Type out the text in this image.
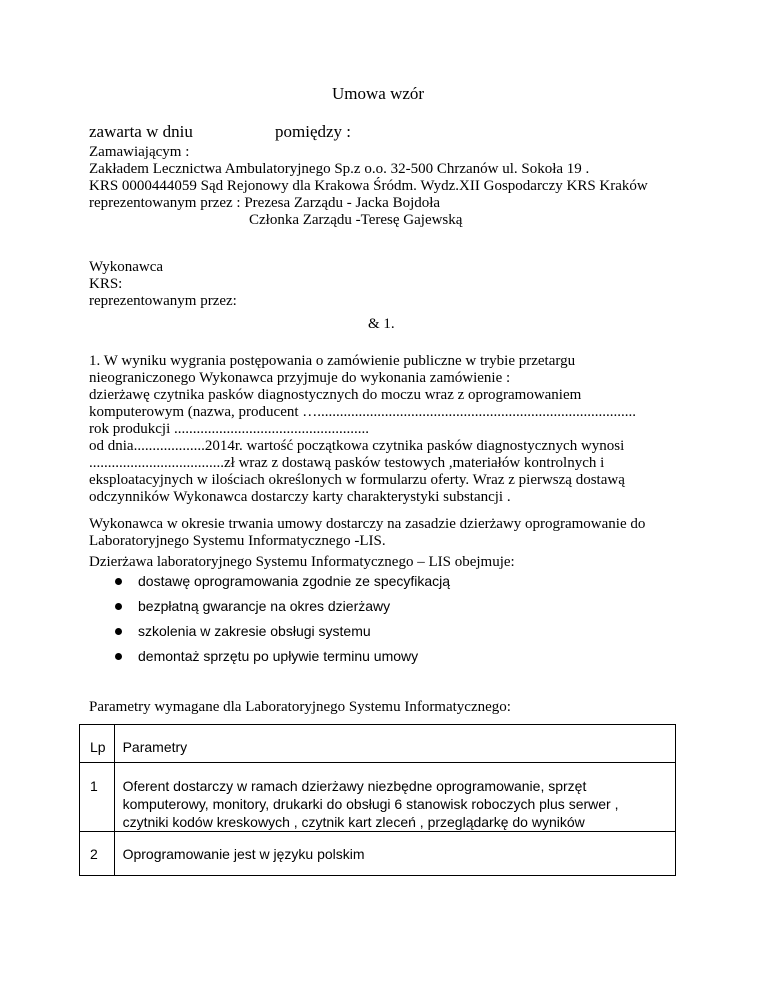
Umowa wzór
zawarta w dniu	pomiędzy :
Zamawiającym :
Zakładem Lecznictwa Ambulatoryjnego Sp.z o.o. 32-500 Chrzanów ul. Sokoła 19 .
KRS 0000444059 Sąd Rejonowy dla Krakowa Śródm. Wydz.XII Gospodarczy KRS Kraków
reprezentowanym przez : Prezesa Zarządu - Jacka Bojdoła
Członka Zarządu -Teresę Gajewską
Wykonawca
KRS:
reprezentowanym przez:
& 1.
1. W wyniku wygrania postępowania o zamówienie publiczne w trybie przetargu
nieograniczonego Wykonawca przyjmuje do wykonania zamówienie :
dzierżawę czytnika pasków diagnostycznych do moczu wraz z oprogramowaniem
komputerowym (nazwa, producent ….....................................................................................
rok produkcji ....................................................
od dnia...................2014r. wartość początkowa czytnika pasków diagnostycznych wynosi
....................................zł wraz z dostawą pasków testowych ,materiałów kontrolnych i
eksploatacyjnych w ilościach określonych w formularzu oferty. Wraz z pierwszą dostawą
odczynników Wykonawca dostarczy karty charakterystyki substancji .
Wykonawca w okresie trwania umowy dostarczy na zasadzie dzierżawy oprogramowanie do
Laboratoryjnego Systemu Informatycznego -LIS.
Dzierżawa laboratoryjnego Systemu Informatycznego – LIS obejmuje:
dostawę oprogramowania zgodnie ze specyfikacją
bezpłatną gwarancje na okres dzierżawy
szkolenia w zakresie obsługi systemu
demontaż sprzętu po upływie terminu umowy
Parametry wymagane dla Laboratoryjnego Systemu Informatycznego:
Lp	Parametry
1	Oferent dostarczy w ramach dzierżawy niezbędne oprogramowanie, sprzęt
komputerowy, monitory, drukarki do obsługi 6 stanowisk roboczych plus serwer ,
czytniki kodów kreskowych , czytnik kart zleceń , przeglądarkę do wyników

2	Oprogramowanie jest w języku polskim
